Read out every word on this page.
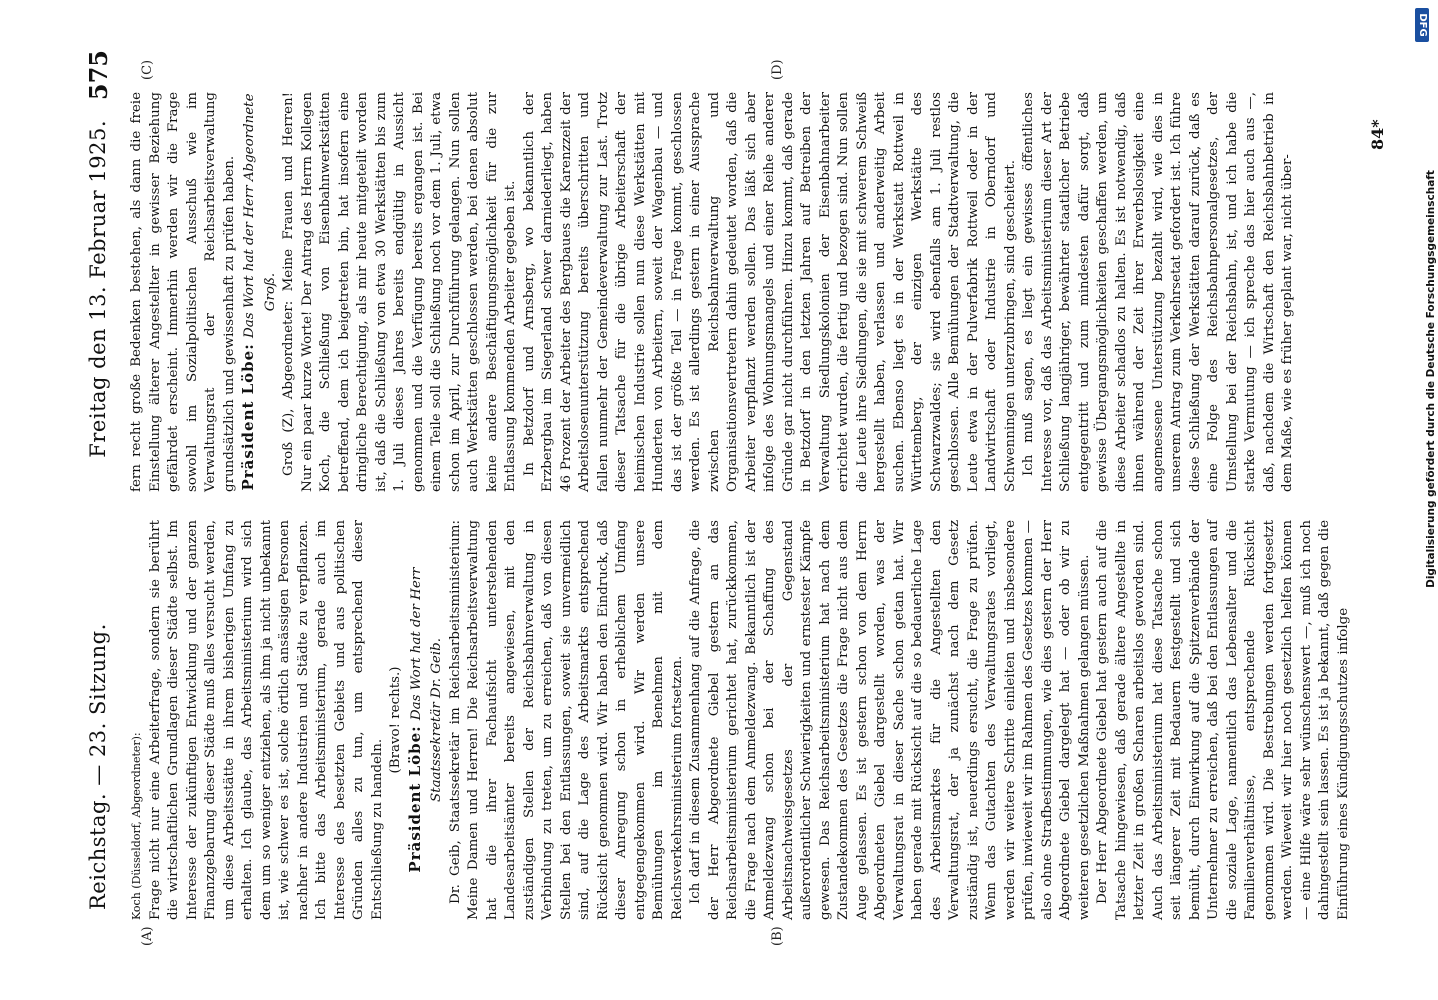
Reichstag. — 23. Sitzung.
Freitag den 13. Februar 1925.
575
(A)	(B)
(C)	(D)

Koch (Düsseldorf, Abgeordneter): Frage nicht nur eine Arbeiterfrage, sondern sie berührt die wirtschaftlichen Grundlagen dieser Städte selbst. Im Interesse der zukünftigen Entwicklung und der ganzen Finanzgebarung dieser Städte muß alles versucht werden, um diese Arbeitsstätte in ihrem bisherigen Umfang zu erhalten. Ich glaube, das Arbeitsministerium wird sich dem um so weniger entziehen, als ihm ja nicht unbekannt ist, wie schwer es ist, solche örtlich ansässigen Personen nachher in andere Industrien und Städte zu verpflanzen. Ich bitte das Arbeitsministerium, gerade auch im Interesse des besetzten Gebiets und aus politischen Gründen alles zu tun, um entsprechend dieser Entschließung zu handeln.

(Bravo! rechts.)

Präsident Löbe: Das Wort hat der Herr Staatssekretär Dr. Geib. Dr. Geib, Staatssekretär im Reichsarbeitsministerium: Meine Damen und Herren! Die Reichsarbeitsverwaltung hat die ihrer Fachaufsicht unterstehenden Landesarbeitsämter bereits angewiesen, mit den zuständigen Stellen der Reichsbahnverwaltung in Verbindung zu treten, um zu erreichen, daß von diesen Stellen bei den Entlassungen, soweit sie unvermeidlich sind, auf die Lage des Arbeitsmarkts entsprechend Rücksicht genommen wird. Wir haben den Eindruck, daß dieser Anregung schon in erheblichem Umfang entgegengekommen wird. Wir werden unsere Bemühungen im Benehmen mit dem Reichsverkehrsministerium fortsetzen. Ich darf in diesem Zusammenhang auf die Anfrage, die der Herr Abgeordnete Giebel gestern an das Reichsarbeitsministerium gerichtet hat, zurückkommen, die Frage nach dem Anmeldezwang. Bekanntlich ist der Anmeldezwang schon bei der Schaffung des Arbeitsnachweisgesetzes der Gegenstand außerordentlicher Schwierigkeiten und ernstester Kämpfe gewesen. Das Reichsarbeitsministerium hat nach dem Zustandekommen des Gesetzes die Frage nicht aus dem Auge gelassen. Es ist gestern schon von dem Herrn Abgeordneten Giebel dargestellt worden, was der Verwaltungsrat in dieser Sache schon getan hat. Wir haben gerade mit Rücksicht auf die so bedauerliche Lage des Arbeitsmarktes für die Angestellten den Verwaltungsrat, der ja zunächst nach dem Gesetz zuständig ist, neuerdings ersucht, die Frage zu prüfen. Wenn das Gutachten des Verwaltungsrates vorliegt, werden wir weitere Schritte einleiten und insbesondere prüfen, inwieweit wir im Rahmen des Gesetzes kommen — also ohne Strafbestimmungen, wie dies gestern der Herr Abgeordnete Giebel dargelegt hat — oder ob wir zu weiteren gesetzlichen Maßnahmen gelangen müssen. Der Herr Abgeordnete Giebel hat gestern auch auf die Tatsache hingewiesen, daß gerade ältere Angestellte in letzter Zeit in großen Scharen arbeitslos geworden sind. Auch das Arbeitsministerium hat diese Tatsache schon seit längerer Zeit mit Bedauern festgestellt und sich bemüht, durch Einwirkung auf die Spitzenverbände der Unternehmer zu erreichen, daß bei den Entlassungen auf die soziale Lage, namentlich das Lebensalter und die Familienverhältnisse, entsprechende Rücksicht genommen wird. Die Bestrebungen werden fortgesetzt werden. Wieweit wir hier noch gesetzlich helfen können — eine Hilfe wäre sehr wünschenswert —, muß ich noch dahingestellt sein lassen. Es ist ja bekannt, daß gegen die Einführung eines Kündigungsschutzes infolge

fern recht große Bedenken bestehen, als dann die freie Einstellung älterer Angestellter in gewisser Beziehung gefährdet erscheint. Immerhin werden wir die Frage sowohl im Sozialpolitischen Ausschuß wie im Verwaltungsrat der Reichsarbeitsverwaltung grundsätzlich und gewissenhaft zu prüfen haben. Präsident Löbe: Das Wort hat der Herr Abgeordnete Groß. Groß (Z), Abgeordneter: Meine Frauen und Herren! Nur ein paar kurze Worte! Der Antrag des Herrn Kollegen Koch, die Schließung von Eisenbahnwerkstätten betreffend, dem ich beigetreten bin, hat insofern eine dringliche Berechtigung, als mir heute mitgeteilt worden ist, daß die Schließung von etwa 30 Werkstätten bis zum 1. Juli dieses Jahres bereits endgültig in Aussicht genommen und die Verfügung bereits ergangen ist. Bei einem Teile soll die Schließung noch vor dem 1. Juli, etwa schon im April, zur Durchführung gelangen. Nun sollen auch Werkstätten geschlossen werden, bei denen absolut keine andere Beschäftigungsmöglichkeit für die zur Entlassung kommenden Arbeiter gegeben ist. In Betzdorf und Arnsberg, wo bekanntlich der Erzbergbau im Siegerland schwer darniederliegt, haben 46 Prozent der Arbeiter des Bergbaues die Karenzzeit der Arbeitslosenunterstützung bereits überschritten und fallen nunmehr der Gemeindeverwaltung zur Last. Trotz dieser Tatsache für die übrige Arbeiterschaft der heimischen Industrie sollen nun diese Werkstätten mit Hunderten von Arbeitern, soweit der Wagenbau — und das ist der größte Teil — in Frage kommt, geschlossen werden. Es ist allerdings gestern in einer Aussprache zwischen Reichsbahnverwaltung und Organisationsvertretern dahin gedeutet worden, daß die Arbeiter verpflanzt werden sollen. Das läßt sich aber infolge des Wohnungsmangels und einer Reihe anderer Gründe gar nicht durchführen. Hinzu kommt, daß gerade in Betzdorf in den letzten Jahren auf Betreiben der Verwaltung Siedlungskolonien der Eisenbahnarbeiter errichtet wurden, die fertig und bezogen sind. Nun sollen die Leute ihre Siedlungen, die sie mit schwerem Schweiß hergestellt haben, verlassen und anderweitig Arbeit suchen. Ebenso liegt es in der Werkstatt Rottweil in Württemberg, der einzigen Werkstätte des Schwarzwaldes; sie wird ebenfalls am 1. Juli restlos geschlossen. Alle Bemühungen der Stadtverwaltung, die Leute etwa in der Pulverfabrik Rottweil oder in der Landwirtschaft oder Industrie in Oberndorf und Schwenningen unterzubringen, sind gescheitert. Ich muß sagen, es liegt ein gewisses öffentliches Interesse vor, daß das Arbeitsministerium dieser Art der Schließung langjähriger, bewährter staatlicher Betriebe entgegentritt und zum mindesten dafür sorgt, daß gewisse Übergangsmöglichkeiten geschaffen werden, um diese Arbeiter schadlos zu halten. Es ist notwendig, daß ihnen während der Zeit ihrer Erwerbslosigkeit eine angemessene Unterstützung bezahlt wird, wie dies in unserem Antrag zum Verkehrsetat gefordert ist. Ich führe diese Schließung der Werkstätten darauf zurück, daß es eine Folge des Reichsbahnpersonalgesetzes, der Umstellung bei der Reichsbahn, ist, und ich habe die starke Vermutung — ich spreche das hier auch aus —, daß, nachdem die Wirtschaft den Reichsbahnbetrieb in dem Maße, wie es früher geplant war, nicht über-

84*
DFG
Digitalisierung gefördert durch die Deutsche Forschungsgemeinschaft
